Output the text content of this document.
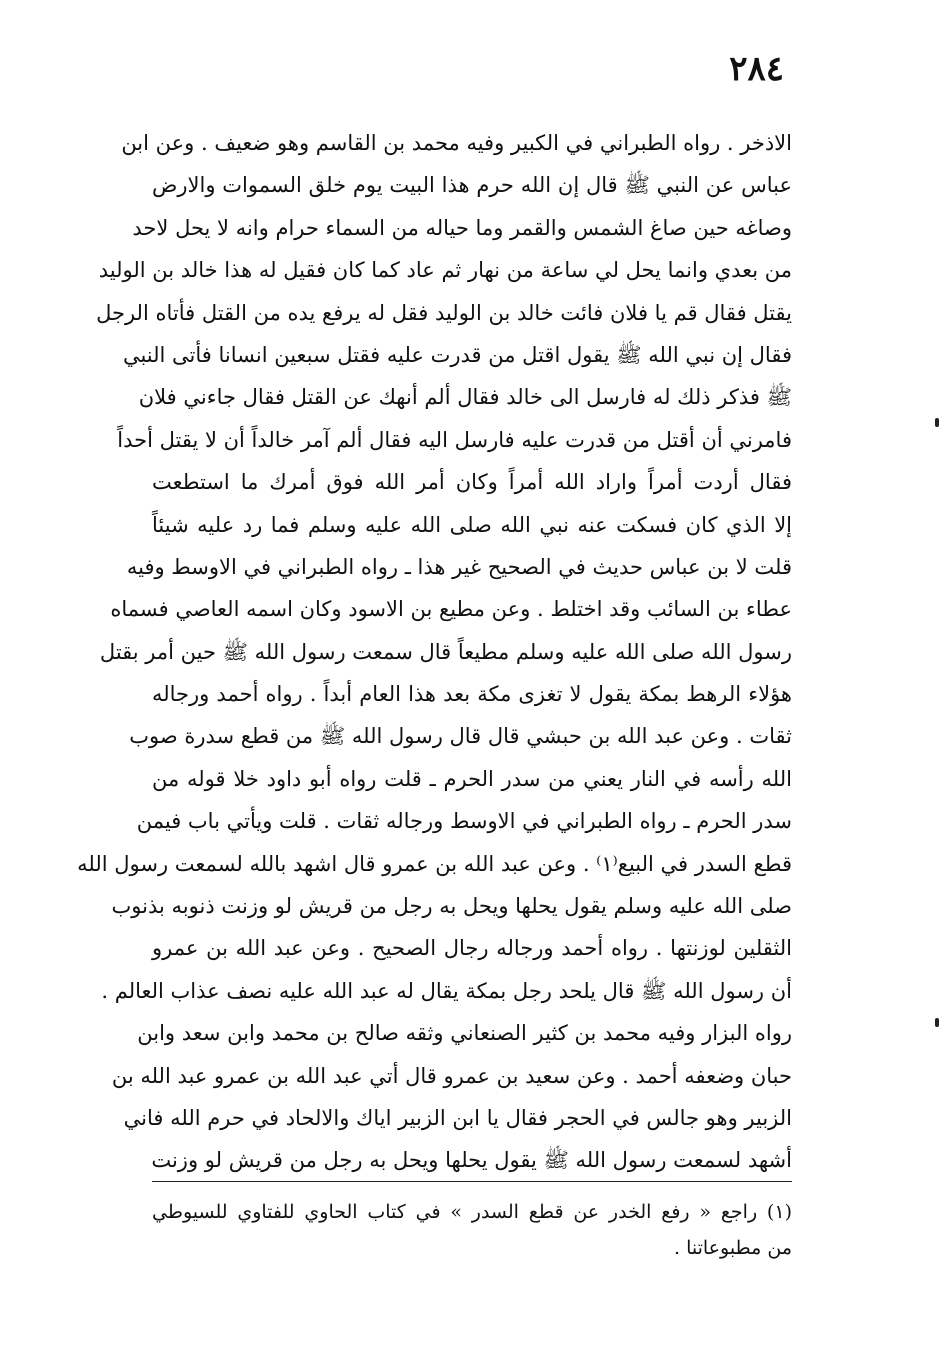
٢٨٤
الاذخر . رواه الطبراني في الكبير وفيه محمد بن القاسم وهو ضعيف . وعن ابن
عباس عن النبي ﷺ قال إن الله حرم هذا البيت يوم خلق السموات والارض
وصاغه حين صاغ الشمس والقمر وما حياله من السماء حرام وانه لا يحل لاحد
من بعدي وانما يحل لي ساعة من نهار ثم عاد كما كان فقيل له هذا خالد بن الوليد
يقتل فقال قم يا فلان فائت خالد بن الوليد فقل له يرفع يده من القتل فأتاه الرجل
فقال إن نبي الله ﷺ يقول اقتل من قدرت عليه فقتل سبعين انسانا فأتى النبي
ﷺ فذكر ذلك له فارسل الى خالد فقال ألم أنهك عن القتل فقال جاءني فلان
فامرني أن أقتل من قدرت عليه فارسل اليه فقال ألم آمر خالداً أن لا يقتل أحداً
فقال أردت أمراً واراد الله أمراً وكان أمر الله فوق أمرك ما استطعت
إلا الذي كان فسكت عنه نبي الله صلى الله عليه وسلم فما رد عليه شيئاً
قلت لا بن عباس حديث في الصحيح غير هذا ـ رواه الطبراني في الاوسط وفيه
عطاء بن السائب وقد اختلط . وعن مطيع بن الاسود وكان اسمه العاصي فسماه
رسول الله صلى الله عليه وسلم مطيعاً قال سمعت رسول الله ﷺ حين أمر بقتل
هؤلاء الرهط بمكة يقول لا تغزى مكة بعد هذا العام أبداً . رواه أحمد ورجاله
ثقات . وعن عبد الله بن حبشي قال قال رسول الله ﷺ من قطع سدرة صوب
الله رأسه في النار يعني من سدر الحرم ـ قلت رواه أبو داود خلا قوله من
سدر الحرم ـ رواه الطبراني في الاوسط ورجاله ثقات . قلت ويأتي باب فيمن
قطع السدر في البيع⁽١⁾ . وعن عبد الله بن عمرو قال اشهد بالله لسمعت رسول الله
صلى الله عليه وسلم يقول يحلها ويحل به رجل من قريش لو وزنت ذنوبه بذنوب
الثقلين لوزنتها . رواه أحمد ورجاله رجال الصحيح . وعن عبد الله بن عمرو
أن رسول الله ﷺ قال يلحد رجل بمكة يقال له عبد الله عليه نصف عذاب العالم .
رواه البزار وفيه محمد بن كثير الصنعاني وثقه صالح بن محمد وابن سعد وابن
حبان وضعفه أحمد . وعن سعيد بن عمرو قال أتي عبد الله بن عمرو عبد الله بن
الزبير وهو جالس في الحجر فقال يا ابن الزبير اياك والالحاد في حرم الله فاني
أشهد لسمعت رسول الله ﷺ يقول يحلها ويحل به رجل من قريش لو وزنت
(١) راجع « رفع الخدر عن قطع السدر » في كتاب الحاوي للفتاوي للسيوطي
من مطبوعاتنا .
